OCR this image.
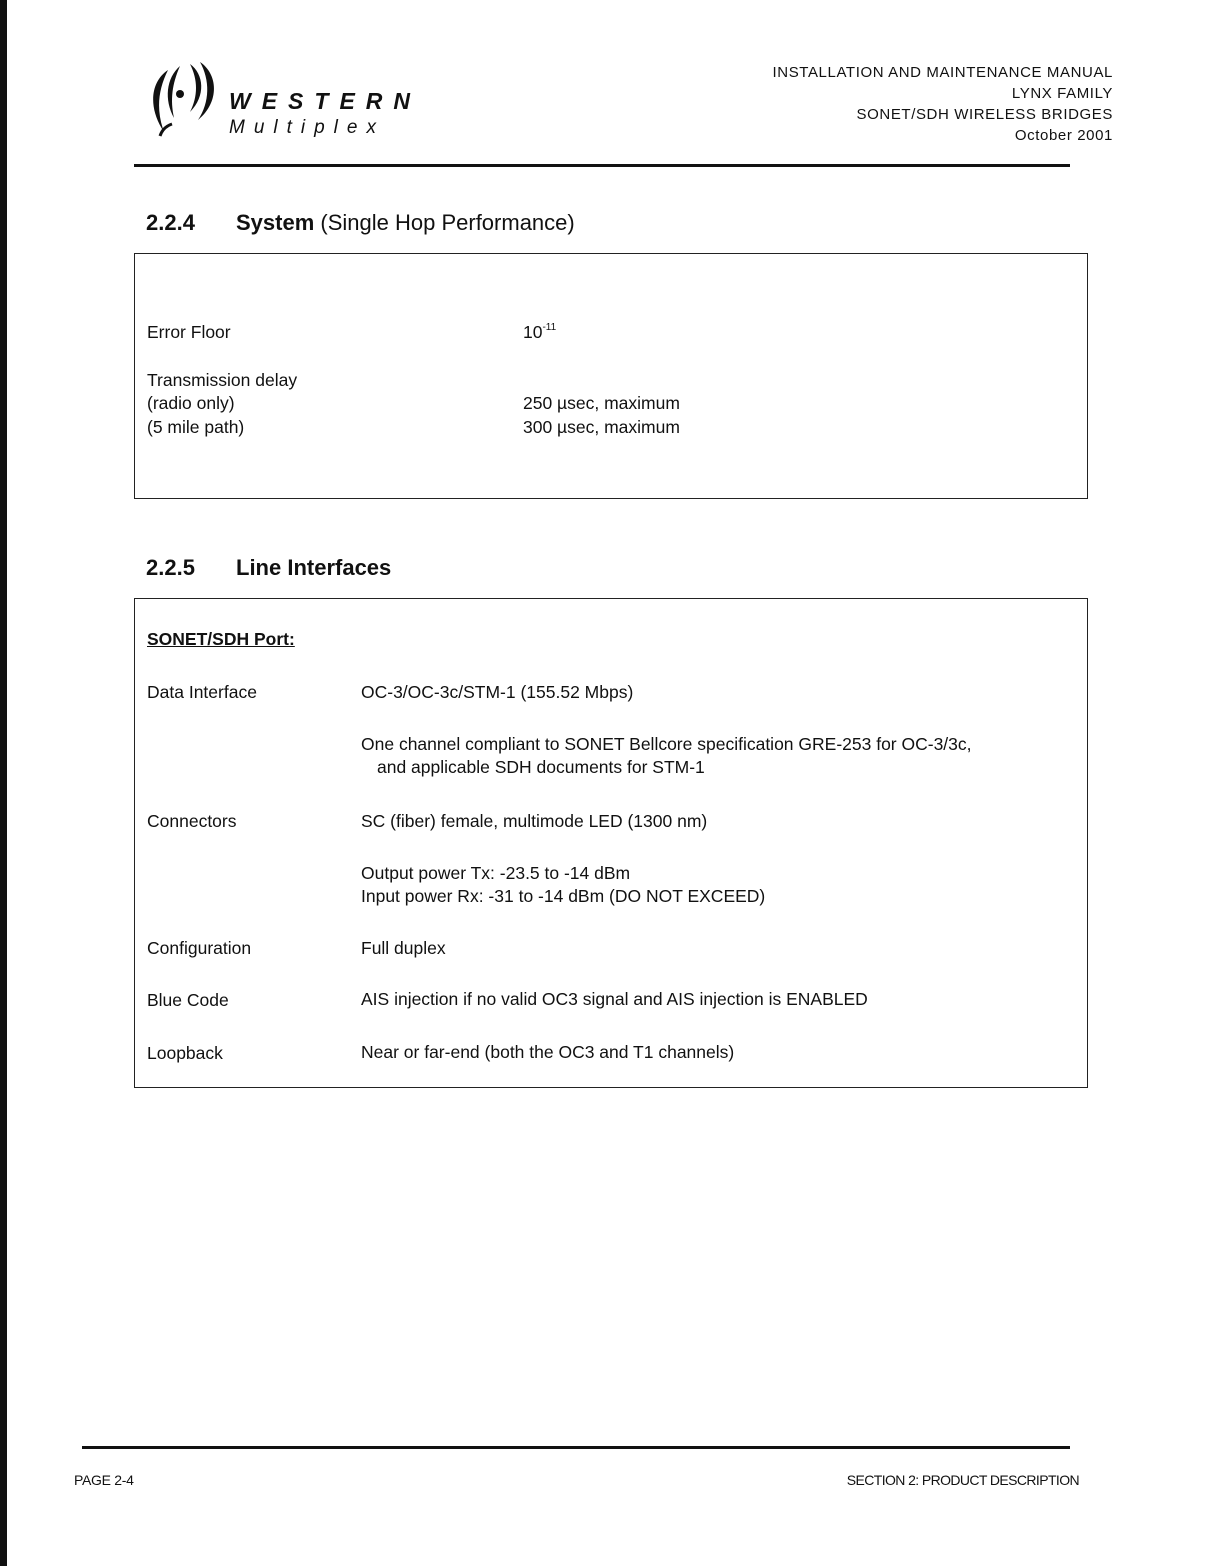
WESTERN
Multiplex
INSTALLATION AND MAINTENANCE MANUAL
LYNX FAMILY
SONET/SDH WIRELESS BRIDGES
October 2001
2.2.4 System (Single Hop Performance)
Error Floor	$10^{-11}$
Transmission delay
(radio only)	250 µsec, maximum
(5 mile path)	300 µsec, maximum
2.2.5 Line Interfaces
SONET/SDH Port:
Data Interface	OC-3/OC-3c/STM-1 (155.52 Mbps)
One channel compliant to SONET Bellcore specification GRE-253 for OC-3/3c,
and applicable SDH documents for STM-1
Connectors	SC (fiber) female, multimode LED (1300 nm)
Output power Tx: -23.5 to -14 dBm
Input power Rx: -31 to -14 dBm (DO NOT EXCEED)
Configuration	Full duplex
Blue Code	AIS injection if no valid OC3 signal and AIS injection is ENABLED
Loopback	Near or far-end (both the OC3 and T1 channels)
PAGE 2-4	SECTION 2: PRODUCT DESCRIPTION
